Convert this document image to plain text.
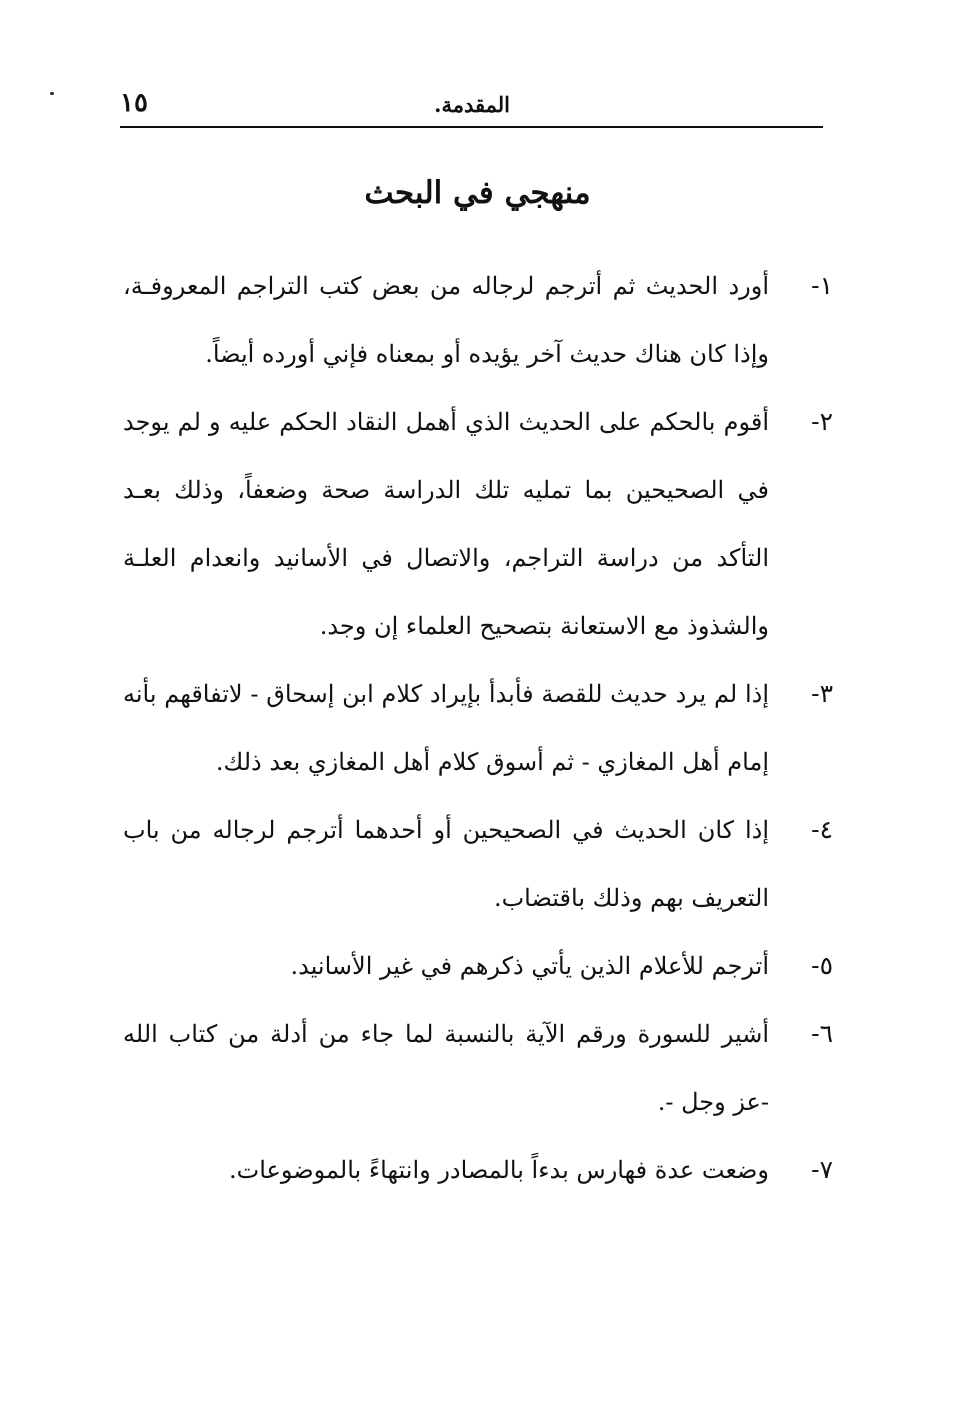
المقدمة.
١٥
منهجي في البحث
١-
أورد الحديث ثم أترجم لرجاله من بعض كتب التراجم المعروفـة، وإذا كان هناك حديث آخر يؤيده أو بمعناه فإني أورده أيضاً.
٢-
أقوم بالحكم على الحديث الذي أهمل النقاد الحكم عليه و لم يوجد في الصحيحين بما تمليه تلك الدراسة صحة وضعفاً، وذلك بعـد التأكد من دراسة التراجم، والاتصال في الأسانيد وانعدام العلـة والشذوذ مع الاستعانة بتصحيح العلماء إن وجد.
٣-
إذا لم يرد حديث للقصة فأبدأ بإيراد كلام ابن إسحاق - لاتفاقهم بأنه إمام أهل المغازي - ثم أسوق كلام أهل المغازي بعد ذلك.
٤-
إذا كان الحديث في الصحيحين أو أحدهما أترجم لرجاله من باب التعريف بهم وذلك باقتضاب.
٥-
أترجم للأعلام الذين يأتي ذكرهم في غير الأسانيد.
٦-
أشير للسورة ورقم الآية بالنسبة لما جاء من أدلة من كتاب الله -عز وجل -.
٧-
وضعت عدة فهارس بدءاً بالمصادر وانتهاءً بالموضوعات.
